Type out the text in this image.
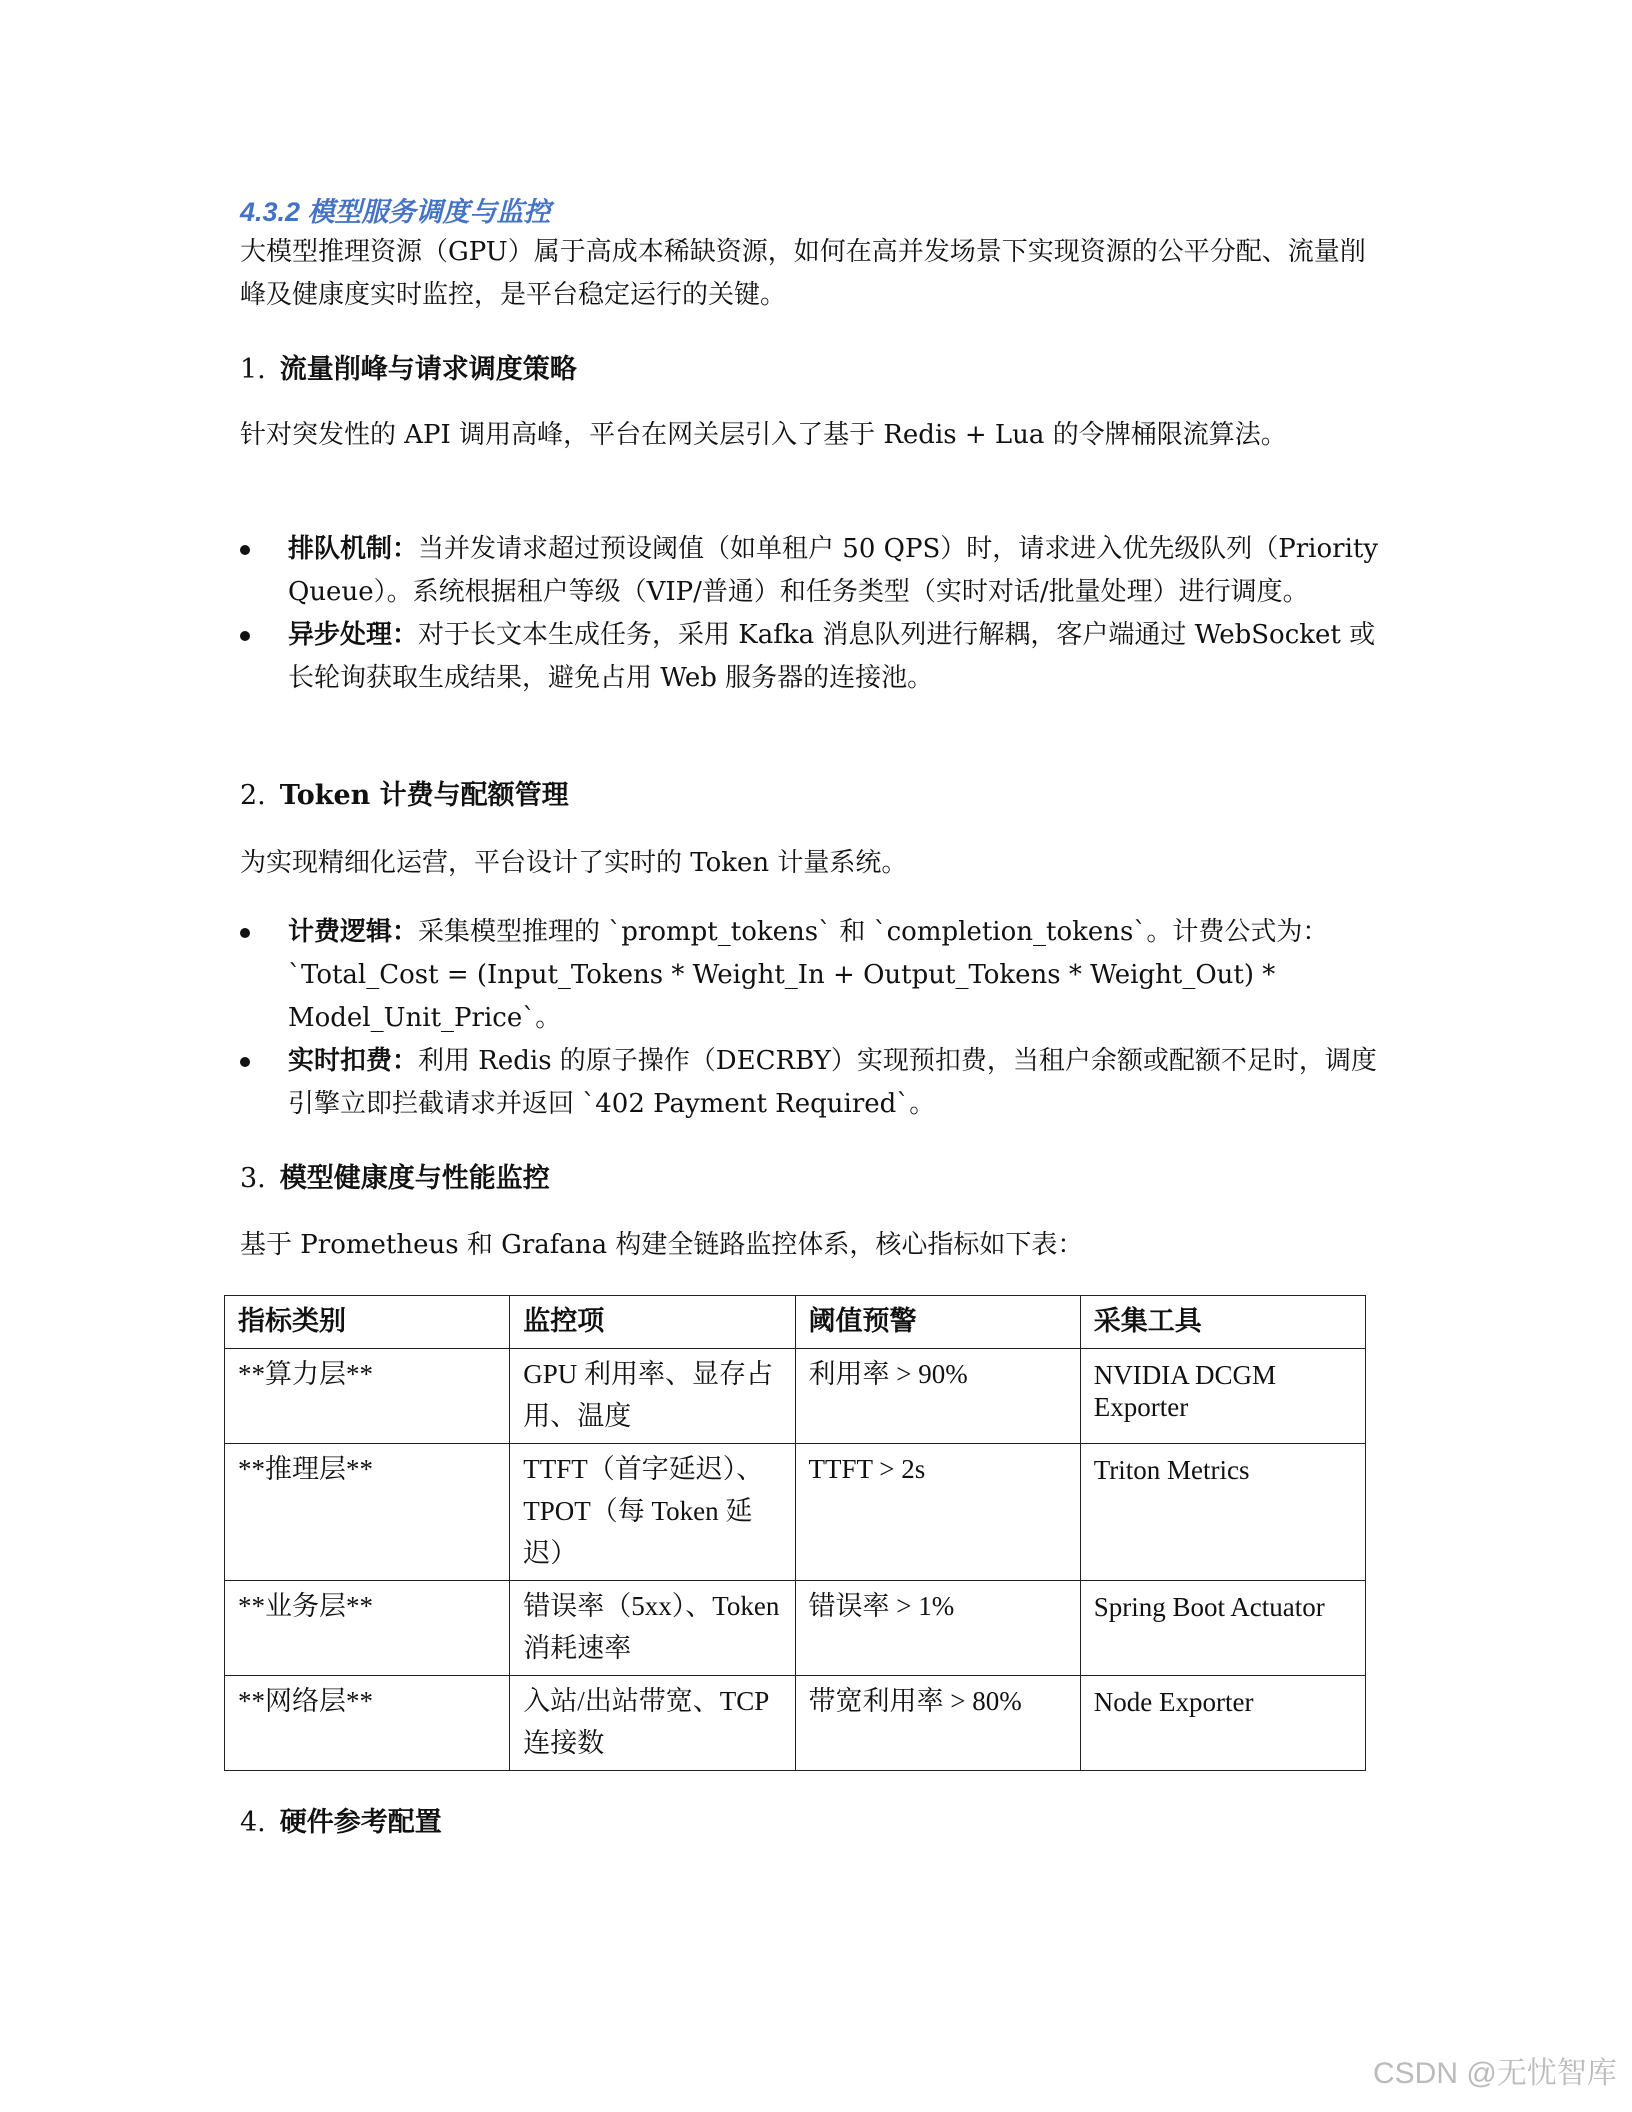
4.3.2 模型服务调度与监控
大模型推理资源（GPU）属于高成本稀缺资源，如何在高并发场景下实现资源的公平分配、流量削峰及健康度实时监控，是平台稳定运行的关键。
1. 流量削峰与请求调度策略
针对突发性的 API 调用高峰，平台在网关层引入了基于 Redis + Lua 的令牌桶限流算法。
排队机制：当并发请求超过预设阈值（如单租户 50 QPS）时，请求进入优先级队列（Priority Queue）。系统根据租户等级（VIP/普通）和任务类型（实时对话/批量处理）进行调度。
异步处理：对于长文本生成任务，采用 Kafka 消息队列进行解耦，客户端通过 WebSocket 或长轮询获取生成结果，避免占用 Web 服务器的连接池。
2. Token 计费与配额管理
为实现精细化运营，平台设计了实时的 Token 计量系统。
计费逻辑：采集模型推理的 `prompt_tokens` 和 `completion_tokens`。计费公式为：`Total_Cost = (Input_Tokens * Weight_In + Output_Tokens * Weight_Out) * Model_Unit_Price`。
实时扣费：利用 Redis 的原子操作（DECRBY）实现预扣费，当租户余额或配额不足时，调度引擎立即拦截请求并返回 `402 Payment Required`。
3. 模型健康度与性能监控
基于 Prometheus 和 Grafana 构建全链路监控体系，核心指标如下表：
指标类别	监控项	阈值预警	采集工具
**算力层**	GPU 利用率、显存占用、温度	利用率 > 90%	NVIDIA DCGM Exporter
**推理层**	TTFT（首字延迟）、TPOT（每 Token 延迟）	TTFT > 2s	Triton Metrics
**业务层**	错误率（5xx）、Token 消耗速率	错误率 > 1%	Spring Boot Actuator
**网络层**	入站/出站带宽、TCP 连接数	带宽利用率 > 80%	Node Exporter
4. 硬件参考配置
CSDN @无忧智库
